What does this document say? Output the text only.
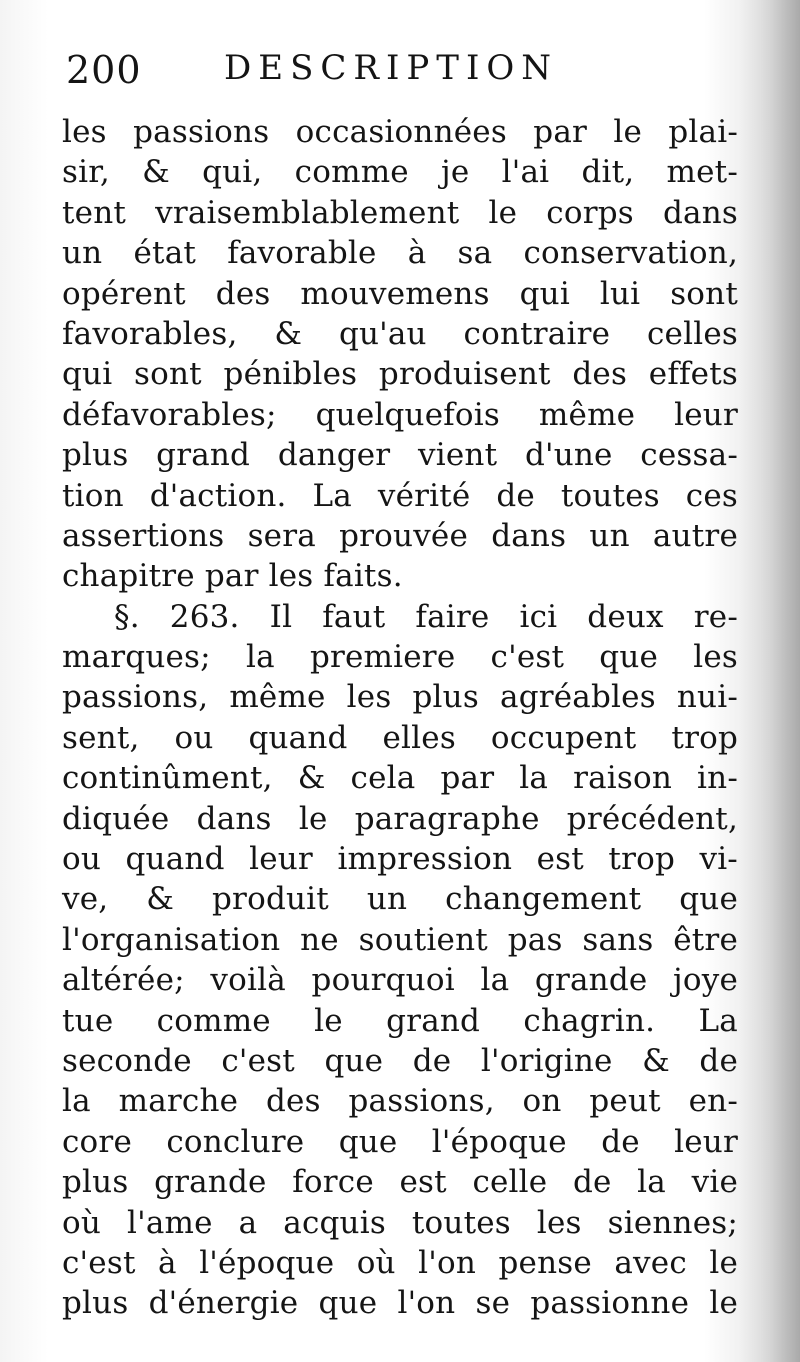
200 DESCRIPTION
les passions occasionnées par le plai-
sir, & qui, comme je l'ai dit, met-
tent vraisemblablement le corps dans
un état favorable à sa conservation,
opérent des mouvemens qui lui sont
favorables, & qu'au contraire celles
qui sont pénibles produisent des effets
défavorables; quelquefois même leur
plus grand danger vient d'une cessa-
tion d'action. La vérité de toutes ces
assertions sera prouvée dans un autre
chapitre par les faits.
§. 263. Il faut faire ici deux re-
marques; la premiere c'est que les
passions, même les plus agréables nui-
sent, ou quand elles occupent trop
continûment, & cela par la raison in-
diquée dans le paragraphe précédent,
ou quand leur impression est trop vi-
ve, & produit un changement que
l'organisation ne soutient pas sans être
altérée; voilà pourquoi la grande joye
tue comme le grand chagrin. La
seconde c'est que de l'origine & de
la marche des passions, on peut en-
core conclure que l'époque de leur
plus grande force est celle de la vie
où l'ame a acquis toutes les siennes;
c'est à l'époque où l'on pense avec le
plus d'énergie que l'on se passionne le
